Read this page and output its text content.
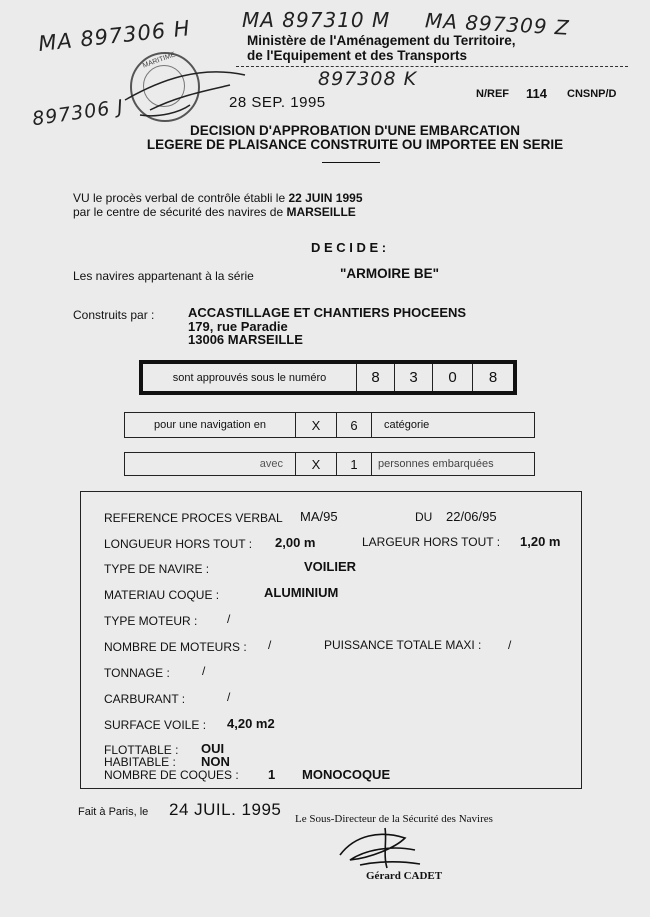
MA 897306 H	MA 897310 M MA 897309 Z
897308 K
897306 J
MARITIME
Ministère de l'Aménagement du Territoire,
de l'Equipement et des Transports
28 SEP. 1995	N/REF 114 CNSNP/D
DECISION D'APPROBATION D'UNE EMBARCATION
LEGERE DE PLAISANCE CONSTRUITE OU IMPORTEE EN SERIE
VU le procès verbal de contrôle établi le 22 JUIN 1995
par le centre de sécurité des navires de MARSEILLE
D E C I D E :
Les navires appartenant à la série	"ARMOIRE BE"
Construits par :	ACCASTILLAGE ET CHANTIERS PHOCEENS
179, rue Paradie
13006 MARSEILLE
sont approuvés sous le numéro	8	3	0	8
pour une navigation en	X	6	catégorie
avec	X	1	personnes embarquées
REFERENCE PROCES VERBAL MA/95	DU 22/06/95
LONGUEUR HORS TOUT : 2,00 m	LARGEUR HORS TOUT : 1,20 m
TYPE DE NAVIRE :	VOILIER
MATERIAU COQUE :	ALUMINIUM
TYPE MOTEUR : /
NOMBRE DE MOTEURS : /	PUISSANCE TOTALE MAXI : /
TONNAGE :	/
CARBURANT :	/
SURFACE VOILE : 4,20 m2
FLOTTABLE : OUI
HABITABLE : NON
NOMBRE DE COQUES : 1 MONOCOQUE
Fait à Paris, le 24 JUIL. 1995 Le Sous-Directeur de la Sécurité des Navires
Gérard CADET
